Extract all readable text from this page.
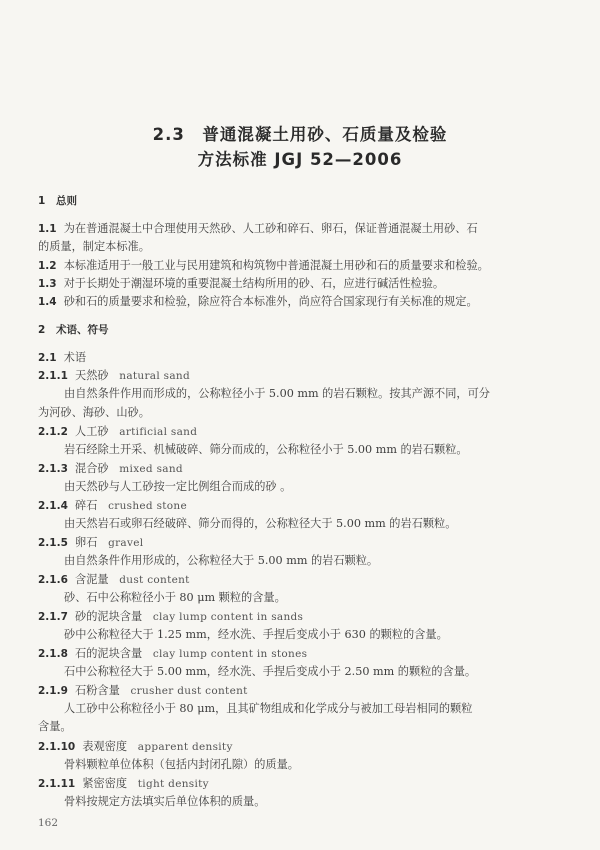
2.3　普通混凝土用砂、石质量及检验
方法标准 JGJ 52—2006
1 总则
1.1 为在普通混凝土中合理使用天然砂、人工砂和碎石、卵石，保证普通混凝土用砂、石
的质量，制定本标准。
1.2 本标准适用于一般工业与民用建筑和构筑物中普通混凝土用砂和石的质量要求和检验。
1.3 对于长期处于潮湿环境的重要混凝土结构所用的砂、石，应进行碱活性检验。
1.4 砂和石的质量要求和检验，除应符合本标准外，尚应符合国家现行有关标准的规定。
2 术语、符号
2.1 术语
2.1.1 天然砂 natural sand
由自然条件作用而形成的，公称粒径小于 5.00 mm 的岩石颗粒。按其产源不同，可分
为河砂、海砂、山砂。
2.1.2 人工砂 artificial sand
岩石经除土开采、机械破碎、筛分而成的，公称粒径小于 5.00 mm 的岩石颗粒。
2.1.3 混合砂 mixed sand
由天然砂与人工砂按一定比例组合而成的砂 。
2.1.4 碎石 crushed stone
由天然岩石或卵石经破碎、筛分而得的，公称粒径大于 5.00 mm 的岩石颗粒。
2.1.5 卵石 gravel
由自然条件作用形成的，公称粒径大于 5.00 mm 的岩石颗粒。
2.1.6 含泥量 dust content
砂、石中公称粒径小于 80 μm 颗粒的含量。
2.1.7 砂的泥块含量 clay lump content in sands
砂中公称粒径大于 1.25 mm，经水洗、手捏后变成小于 630 的颗粒的含量。
2.1.8 石的泥块含量 clay lump content in stones
石中公称粒径大于 5.00 mm，经水洗、手捏后变成小于 2.50 mm 的颗粒的含量。
2.1.9 石粉含量 crusher dust content
人工砂中公称粒径小于 80 μm，且其矿物组成和化学成分与被加工母岩相同的颗粒
含量。
2.1.10 表观密度 apparent density
骨料颗粒单位体积（包括内封闭孔隙）的质量。
2.1.11 紧密密度 tight density
骨料按规定方法填实后单位体积的质量。
162
